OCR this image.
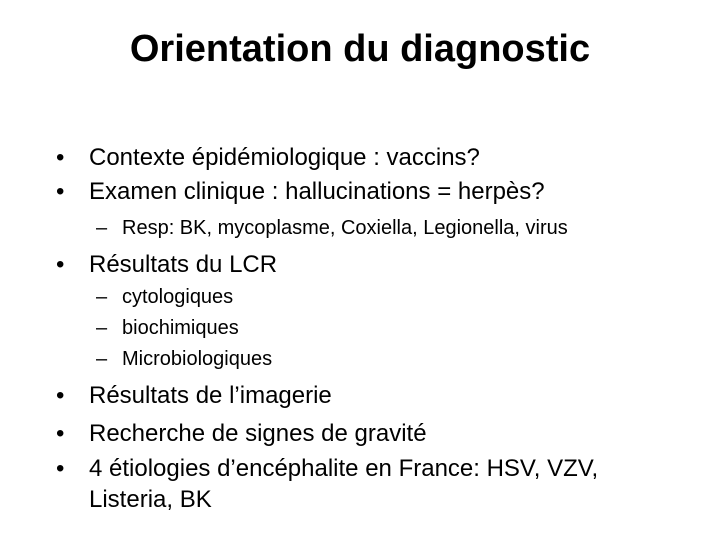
Orientation du diagnostic
• Contexte épidémiologique : vaccins?
• Examen clinique : hallucinations = herpès?
– Resp: BK, mycoplasme, Coxiella, Legionella, virus
• Résultats du LCR
– cytologiques
– biochimiques
– Microbiologiques
• Résultats de l’imagerie
• Recherche de signes de gravité
• 4 étiologies d’encéphalite en France: HSV, VZV,
Listeria, BK
